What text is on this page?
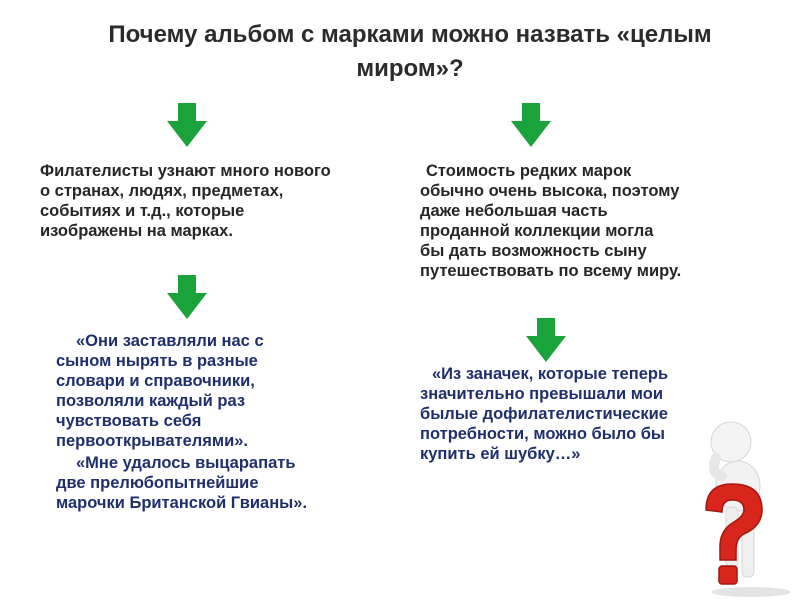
Почему альбом с марками можно назвать «целым миром»?
Филателисты узнают много нового о странах, людях, предметах, событиях и т.д., которые изображены на марках.
«Они заставляли нас с сыном нырять в разные словари и справочники, позволяли каждый раз чувствовать себя первооткрывателями».
«Мне удалось выцарапать две прелюбопытнейшие марочки Британской Гвианы».
Стоимость редких марок обычно очень высока, поэтому даже небольшая часть проданной коллекции могла бы дать возможность сыну путешествовать по всему миру.
«Из заначек, которые теперь значительно превышали мои былые дофилателистические потребности, можно было бы купить ей шубку…»
